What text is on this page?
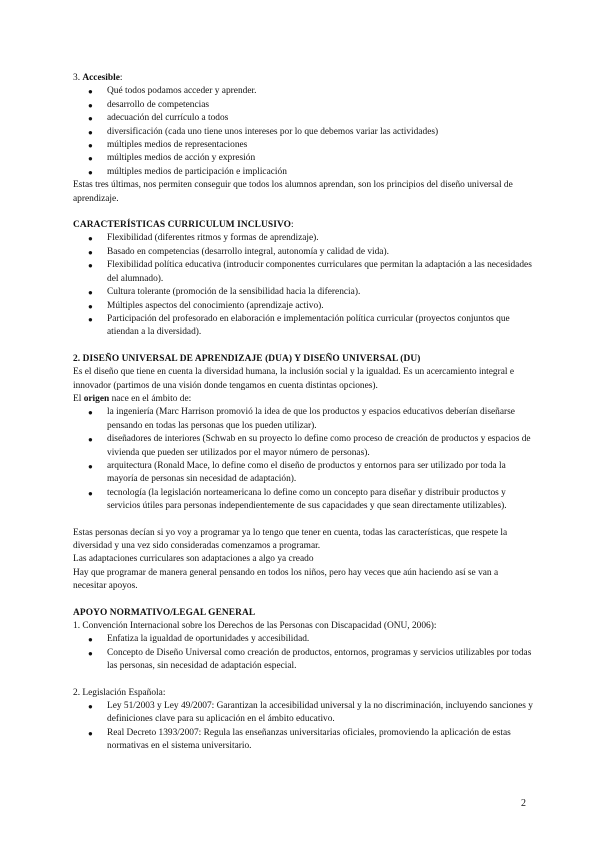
3. Accesible:

● Qué todos podamos acceder y aprender.
● desarrollo de competencias
● adecuación del currículo a todos
● diversificación (cada uno tiene unos intereses por lo que debemos variar las actividades)
● múltiples medios de representaciones
● múltiples medios de acción y expresión
● múltiples medios de participación e implicación

Estas tres últimas, nos permiten conseguir que todos los alumnos aprendan, son los principios del diseño universal de aprendizaje.

CARACTERÍSTICAS CURRICULUM INCLUSIVO:

● Flexibilidad (diferentes ritmos y formas de aprendizaje).
● Basado en competencias (desarrollo integral, autonomía y calidad de vida).
● Flexibilidad política educativa (introducir componentes curriculares que permitan la adaptación a las necesidades del alumnado).
● Cultura tolerante (promoción de la sensibilidad hacia la diferencia).
● Múltiples aspectos del conocimiento (aprendizaje activo).
● Participación del profesorado en elaboración e implementación política curricular (proyectos conjuntos que atiendan a la diversidad).

2. DISEÑO UNIVERSAL DE APRENDIZAJE (DUA) Y DISEÑO UNIVERSAL (DU)

Es el diseño que tiene en cuenta la diversidad humana, la inclusión social y la igualdad. Es un acercamiento integral e innovador (partimos de una visión donde tengamos en cuenta distintas opciones).

El origen nace en el ámbito de:

● la ingeniería (Marc Harrison promovió la idea de que los productos y espacios educativos deberían diseñarse pensando en todas las personas que los pueden utilizar).
● diseñadores de interiores (Schwab en su proyecto lo define como proceso de creación de productos y espacios de vivienda que pueden ser utilizados por el mayor número de personas).
● arquitectura (Ronald Mace, lo define como el diseño de productos y entornos para ser utilizado por toda la mayoría de personas sin necesidad de adaptación).
● tecnología (la legislación norteamericana lo define como un concepto para diseñar y distribuir productos y servicios útiles para personas independientemente de sus capacidades y que sean directamente utilizables).

Estas personas decían si yo voy a programar ya lo tengo que tener en cuenta, todas las características, que respete la diversidad y una vez sido consideradas comenzamos a programar.

Las adaptaciones curriculares son adaptaciones a algo ya creado

Hay que programar de manera general pensando en todos los niños, pero hay veces que aún haciendo así se van a necesitar apoyos.

APOYO NORMATIVO/LEGAL GENERAL

1. Convención Internacional sobre los Derechos de las Personas con Discapacidad (ONU, 2006):

● Enfatiza la igualdad de oportunidades y accesibilidad.
● Concepto de Diseño Universal como creación de productos, entornos, programas y servicios utilizables por todas las personas, sin necesidad de adaptación especial.

2. Legislación Española:

● Ley 51/2003 y Ley 49/2007: Garantizan la accesibilidad universal y la no discriminación, incluyendo sanciones y definiciones clave para su aplicación en el ámbito educativo.
● Real Decreto 1393/2007: Regula las enseñanzas universitarias oficiales, promoviendo la aplicación de estas normativas en el sistema universitario.
2
